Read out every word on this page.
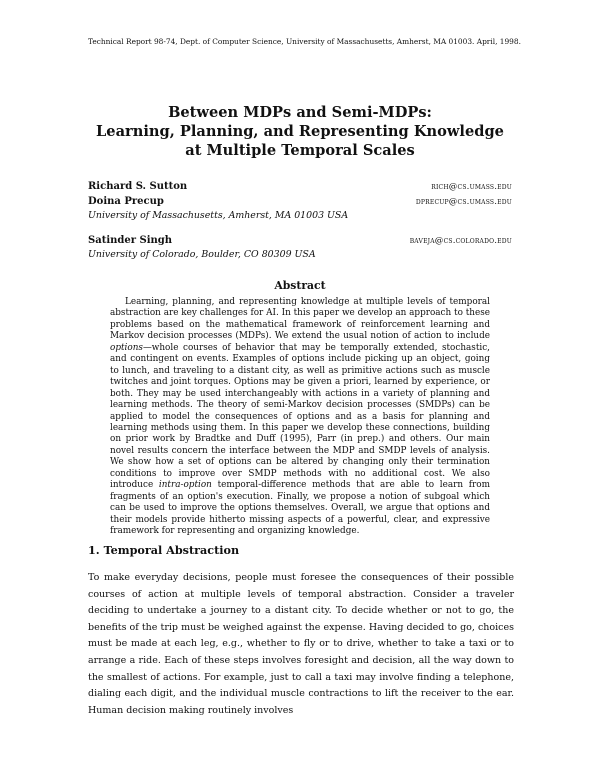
Technical Report 98-74, Dept. of Computer Science, University of Massachusetts, Amherst, MA 01003. April, 1998.
Between MDPs and Semi-MDPs:
Learning, Planning, and Representing Knowledge
at Multiple Temporal Scales
Richard S. Sutton	rich@cs.umass.edu
Doina Precup	dprecup@cs.umass.edu
University of Massachusetts, Amherst, MA 01003 USA
Satinder Singh	baveja@cs.colorado.edu
University of Colorado, Boulder, CO 80309 USA
Abstract

Learning, planning, and representing knowledge at multiple levels of temporal abstraction are key challenges for AI. In this paper we develop an approach to these problems based on the mathematical framework of reinforcement learning and Markov decision processes (MDPs). We extend the usual notion of action to include options—whole courses of behavior that may be temporally extended, stochastic, and contingent on events. Examples of options include picking up an object, going to lunch, and traveling to a distant city, as well as primitive actions such as muscle twitches and joint torques. Options may be given a priori, learned by experience, or both. They may be used interchangeably with actions in a variety of planning and learning methods. The theory of semi-Markov decision processes (SMDPs) can be applied to model the consequences of options and as a basis for planning and learning methods using them. In this paper we develop these connections, building on prior work by Bradtke and Duff (1995), Parr (in prep.) and others. Our main novel results concern the interface between the MDP and SMDP levels of analysis. We show how a set of options can be altered by changing only their termination conditions to improve over SMDP methods with no additional cost. We also introduce intra-option temporal-difference methods that are able to learn from fragments of an option's execution. Finally, we propose a notion of subgoal which can be used to improve the options themselves. Overall, we argue that options and their models provide hitherto missing aspects of a powerful, clear, and expressive framework for representing and organizing knowledge.

1. Temporal Abstraction

To make everyday decisions, people must foresee the consequences of their possible courses of action at multiple levels of temporal abstraction. Consider a traveler deciding to undertake a journey to a distant city. To decide whether or not to go, the benefits of the trip must be weighed against the expense. Having decided to go, choices must be made at each leg, e.g., whether to fly or to drive, whether to take a taxi or to arrange a ride. Each of these steps involves foresight and decision, all the way down to the smallest of actions. For example, just to call a taxi may involve finding a telephone, dialing each digit, and the individual muscle contractions to lift the receiver to the ear. Human decision making routinely involves
